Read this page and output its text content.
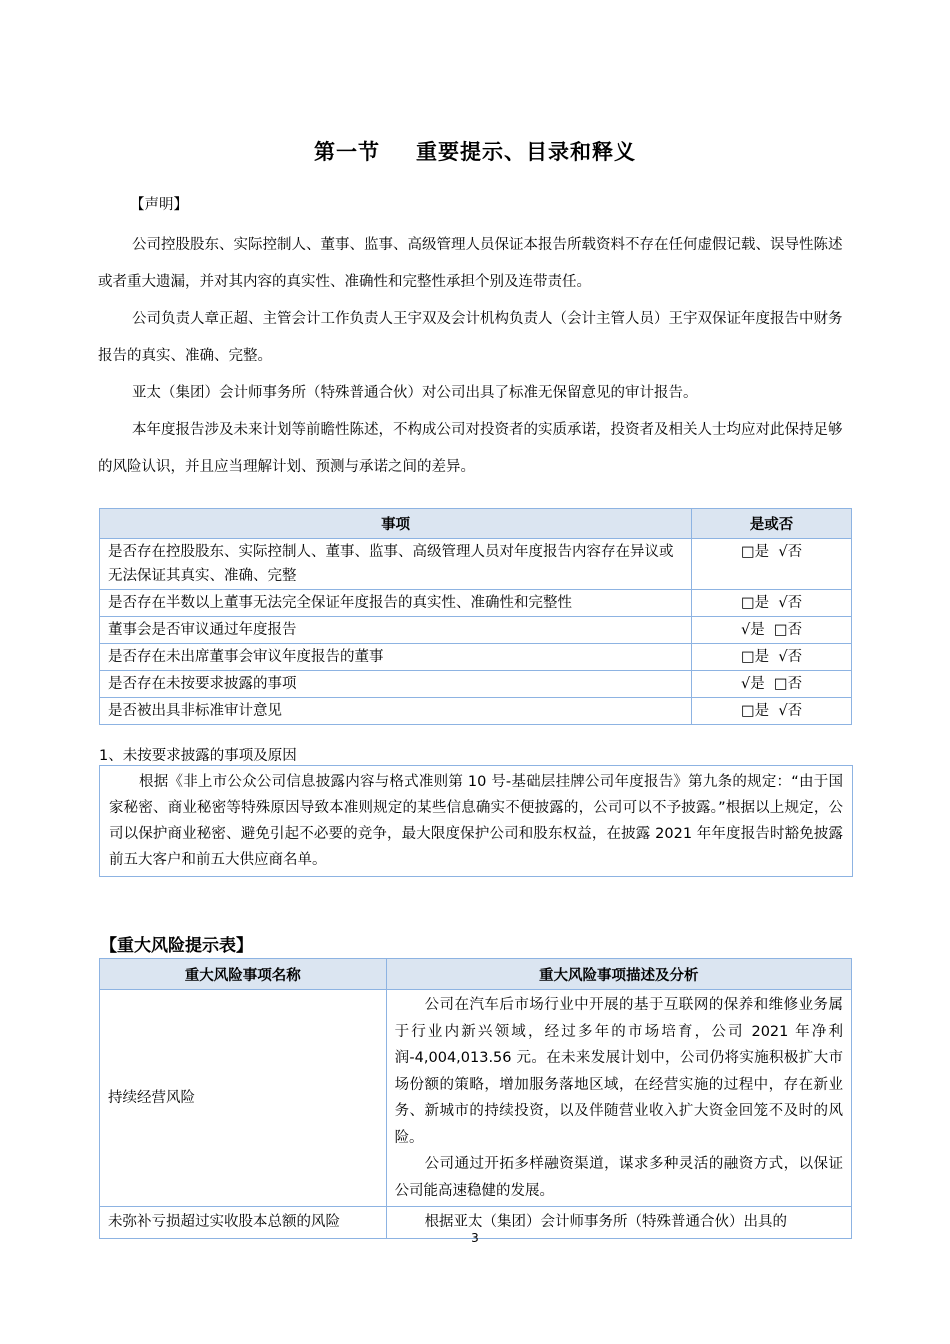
第一节 重要提示、目录和释义
【声明】

公司控股股东、实际控制人、董事、监事、高级管理人员保证本报告所载资料不存在任何虚假记载、误导性陈述或者重大遗漏，并对其内容的真实性、准确性和完整性承担个别及连带责任。

公司负责人章正超、主管会计工作负责人王宇双及会计机构负责人（会计主管人员）王宇双保证年度报告中财务报告的真实、准确、完整。

亚太（集团）会计师事务所（特殊普通合伙）对公司出具了标准无保留意见的审计报告。

本年度报告涉及未来计划等前瞻性陈述，不构成公司对投资者的实质承诺，投资者及相关人士均应对此保持足够的风险认识，并且应当理解计划、预测与承诺之间的差异。

事项	是或否
是否存在控股股东、实际控制人、董事、监事、高级管理人员对年度报告内容存在异议或无法保证其真实、准确、完整	□是  √否
是否存在半数以上董事无法完全保证年度报告的真实性、准确性和完整性	□是  √否
董事会是否审议通过年度报告	√是  □否
是否存在未出席董事会审议年度报告的董事	□是  √否
是否存在未按要求披露的事项	√是  □否
是否被出具非标准审计意见	□是  √否
1、未按要求披露的事项及原因
根据《非上市公众公司信息披露内容与格式准则第 10 号-基础层挂牌公司年度报告》第九条的规定：“由于国家秘密、商业秘密等特殊原因导致本准则规定的某些信息确实不便披露的，公司可以不予披露。”根据以上规定，公司以保护商业秘密、避免引起不必要的竞争，最大限度保护公司和股东权益，在披露 2021 年年度报告时豁免披露前五大客户和前五大供应商名单。
【重大风险提示表】
重大风险事项名称	重大风险事项描述及分析
持续经营风险	公司在汽车后市场行业中开展的基于互联网的保养和维修业务属于行业内新兴领域，经过多年的市场培育，公司 2021 年净利润-4,004,013.56 元。在未来发展计划中，公司仍将实施积极扩大市场份额的策略，增加服务落地区域，在经营实施的过程中，存在新业务、新城市的持续投资，以及伴随营业收入扩大资金回笼不及时的风险。

公司通过开拓多样融资渠道，谋求多种灵活的融资方式，以保证公司能高速稳健的发展。

未弥补亏损超过实收股本总额的风险	根据亚太（集团）会计师事务所（特殊普通合伙）出具的

3
